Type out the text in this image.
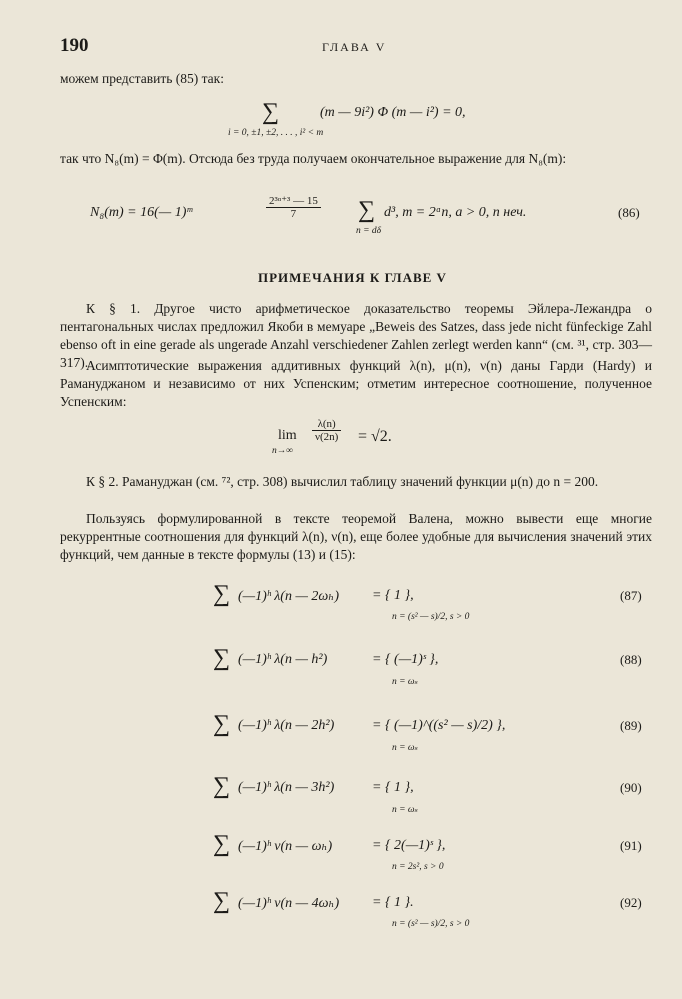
190	ГЛАВА V
можем представить (85) так:
∑	(m — 9i²) Φ (m — i²) = 0,
i = 0, ±1, ±2, . . . , i² < m
так что N₈(m) = Φ(m). Отсюда без труда получаем окончательное выражение для N₈(m):
N₈(m) = 16(— 1)ᵐ	$\frac{\text{2³ᵅ⁺³ — 15}}{7}$ ∑ d³, m = 2ᵅn, a > 0, n неч.
n = dδ
(86)
ПРИМЕЧАНИЯ К ГЛАВЕ V
К § 1. Другое чисто арифметическое доказательство теоремы Эйлера-Лежандра о пентагональных числах предложил Якоби в мемуаре „Beweis des Satzes, dass jede nicht fünfeckige Zahl ebenso oft in eine gerade als ungerade Anzahl verschiedener Zahlen zerlegt werden kann“ (см. ³¹, стр. 303—317).
Асимптотические выражения аддитивных функций λ(n), μ(n), ν(n) даны Гарди (Hardy) и Рамануджаном и независимо от них Успенским; отметим интересное соотношение, полученное Успенским:
lim
n→∞
$\frac{\lambda(n)}{\nu(2n)} = √2$.
К § 2. Рамануджан (см. ⁷², стр. 308) вычислил таблицу значений функции μ(n) до n = 200.
Пользуясь формулированной в тексте теоремой Валена, можно вывести еще многие рекуррентные соотношения для функций λ(n), ν(n), еще более удобные для вычисления значений этих функций, чем данные в тексте формулы (13) и (15):
∑ (—1)ʰ λ(n — 2ωₕ) = { 1 },
n = (s² — s)/2, s > 0
(87)
∑ (—1)ʰ λ(n — h²)	= { (—1)ˢ },
n = ωₛ
(88)
∑ (—1)ʰ λ(n — 2h²)	= { (—1)^((s² — s)/2) },
n = ωₛ
(89)
∑ (—1)ʰ λ(n — 3h²)	= { 1 },
n = ωₛ
(90)
∑ (—1)ʰ ν(n — ωₕ)	= { 2(—1)ˢ },
n = 2s², s > 0
(91)
∑ (—1)ʰ ν(n — 4ωₕ) = { 1 }.
n = (s² — s)/2, s > 0
(92)
